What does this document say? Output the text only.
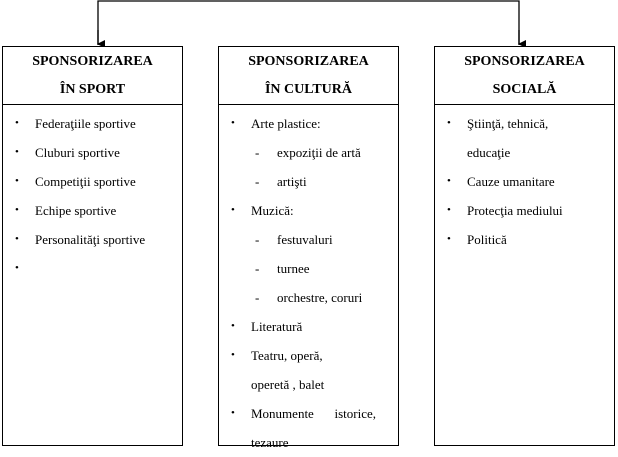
SPONSORIZAREA
ÎN SPORT
• Federaţiile sportive
• Cluburi sportive
• Competiţii sportive
• Echipe sportive
• Personalităţi sportive
•
SPONSORIZAREA
ÎN CULTURĂ
• Arte plastice:
- expoziţii de artă
- artişti
• Muzică:
- festuvaluri
- turnee
- orchestre, coruri
• Literatură
• Teatru, operă, operetă , balet
• Monumente istorice, tezaure
SPONSORIZAREA
SOCIALĂ
• Ştiinţă, tehnică, educaţie
• Cauze umanitare
• Protecţia mediului
• Politică
